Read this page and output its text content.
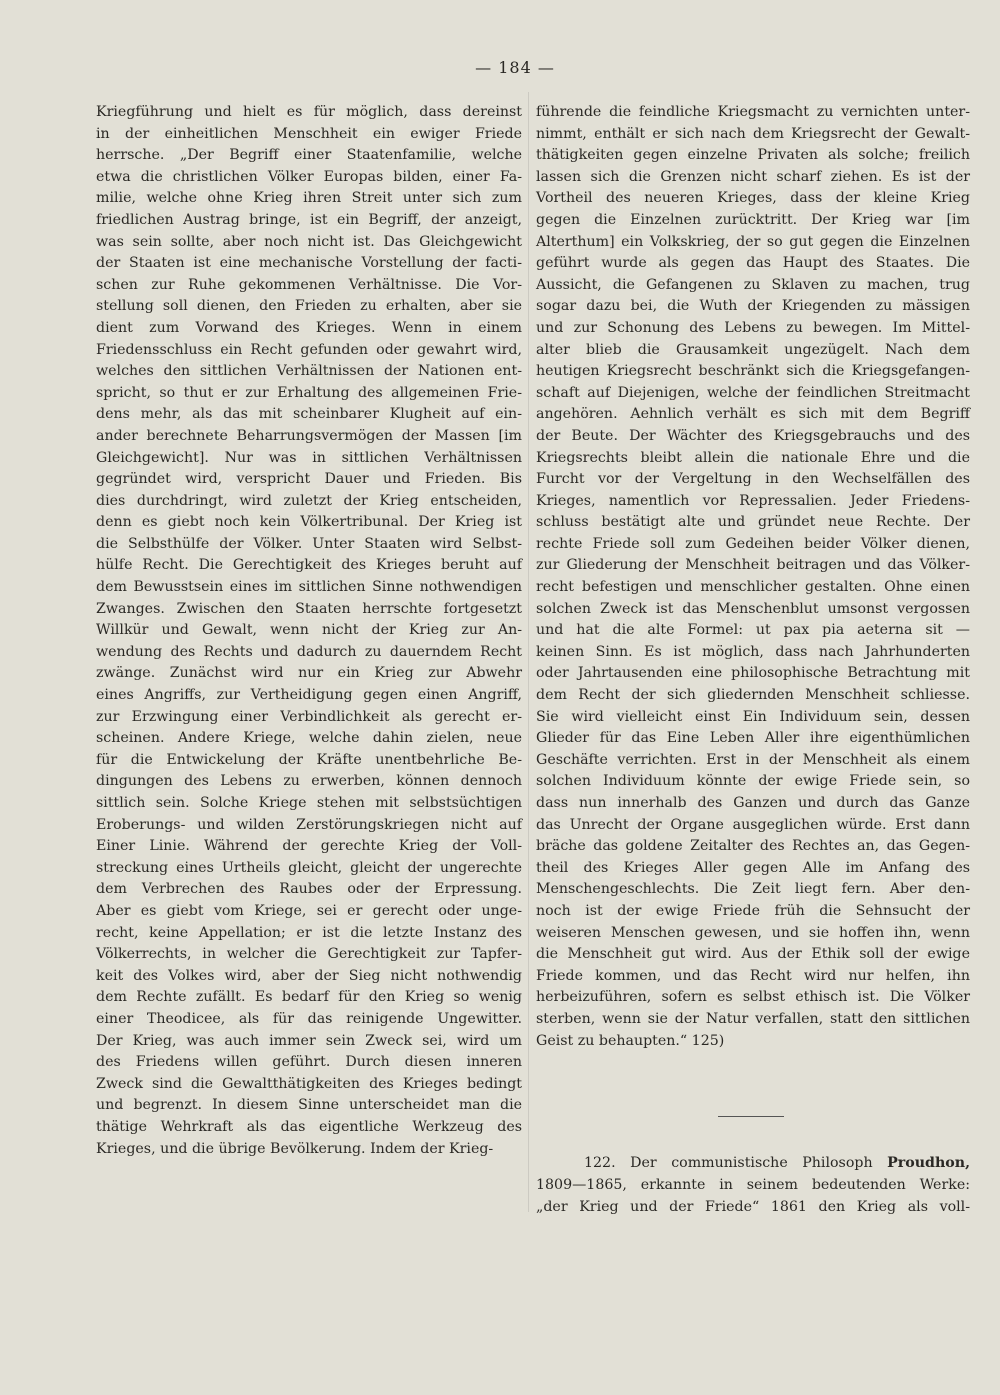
— 184 —
Kriegführung und hielt es für möglich, dass dereinst
in der einheitlichen Menschheit ein ewiger Friede
herrsche. „Der Begriff einer Staatenfamilie, welche
etwa die christlichen Völker Europas bilden, einer Fa-
milie, welche ohne Krieg ihren Streit unter sich zum
friedlichen Austrag bringe, ist ein Begriff, der anzeigt,
was sein sollte, aber noch nicht ist. Das Gleichgewicht
der Staaten ist eine mechanische Vorstellung der facti-
schen zur Ruhe gekommenen Verhältnisse. Die Vor-
stellung soll dienen, den Frieden zu erhalten, aber sie
dient zum Vorwand des Krieges. Wenn in einem
Friedensschluss ein Recht gefunden oder gewahrt wird,
welches den sittlichen Verhältnissen der Nationen ent-
spricht, so thut er zur Erhaltung des allgemeinen Frie-
dens mehr, als das mit scheinbarer Klugheit auf ein-
ander berechnete Beharrungsvermögen der Massen [im
Gleichgewicht]. Nur was in sittlichen Verhältnissen
gegründet wird, verspricht Dauer und Frieden. Bis
dies durchdringt, wird zuletzt der Krieg entscheiden,
denn es giebt noch kein Völkertribunal. Der Krieg ist
die Selbsthülfe der Völker. Unter Staaten wird Selbst-
hülfe Recht. Die Gerechtigkeit des Krieges beruht auf
dem Bewusstsein eines im sittlichen Sinne nothwendigen
Zwanges. Zwischen den Staaten herrschte fortgesetzt
Willkür und Gewalt, wenn nicht der Krieg zur An-
wendung des Rechts und dadurch zu dauerndem Recht
zwänge. Zunächst wird nur ein Krieg zur Abwehr
eines Angriffs, zur Vertheidigung gegen einen Angriff,
zur Erzwingung einer Verbindlichkeit als gerecht er-
scheinen. Andere Kriege, welche dahin zielen, neue
für die Entwickelung der Kräfte unentbehrliche Be-
dingungen des Lebens zu erwerben, können dennoch
sittlich sein. Solche Kriege stehen mit selbstsüchtigen
Eroberungs- und wilden Zerstörungskriegen nicht auf
Einer Linie. Während der gerechte Krieg der Voll-
streckung eines Urtheils gleicht, gleicht der ungerechte
dem Verbrechen des Raubes oder der Erpressung.
Aber es giebt vom Kriege, sei er gerecht oder unge-
recht, keine Appellation; er ist die letzte Instanz des
Völkerrechts, in welcher die Gerechtigkeit zur Tapfer-
keit des Volkes wird, aber der Sieg nicht nothwendig
dem Rechte zufällt. Es bedarf für den Krieg so wenig
einer Theodicee, als für das reinigende Ungewitter.
Der Krieg, was auch immer sein Zweck sei, wird um
des Friedens willen geführt. Durch diesen inneren
Zweck sind die Gewaltthätigkeiten des Krieges bedingt
und begrenzt. In diesem Sinne unterscheidet man die
thätige Wehrkraft als das eigentliche Werkzeug des
Krieges, und die übrige Bevölkerung. Indem der Krieg-
führende die feindliche Kriegsmacht zu vernichten unter-
nimmt, enthält er sich nach dem Kriegsrecht der Gewalt-
thätigkeiten gegen einzelne Privaten als solche; freilich
lassen sich die Grenzen nicht scharf ziehen. Es ist der
Vortheil des neueren Krieges, dass der kleine Krieg
gegen die Einzelnen zurücktritt. Der Krieg war [im
Alterthum] ein Volkskrieg, der so gut gegen die Einzelnen
geführt wurde als gegen das Haupt des Staates. Die
Aussicht, die Gefangenen zu Sklaven zu machen, trug
sogar dazu bei, die Wuth der Kriegenden zu mässigen
und zur Schonung des Lebens zu bewegen. Im Mittel-
alter blieb die Grausamkeit ungezügelt. Nach dem
heutigen Kriegsrecht beschränkt sich die Kriegsgefangen-
schaft auf Diejenigen, welche der feindlichen Streitmacht
angehören. Aehnlich verhält es sich mit dem Begriff
der Beute. Der Wächter des Kriegsgebrauchs und des
Kriegsrechts bleibt allein die nationale Ehre und die
Furcht vor der Vergeltung in den Wechselfällen des
Krieges, namentlich vor Repressalien. Jeder Friedens-
schluss bestätigt alte und gründet neue Rechte. Der
rechte Friede soll zum Gedeihen beider Völker dienen,
zur Gliederung der Menschheit beitragen und das Völker-
recht befestigen und menschlicher gestalten. Ohne einen
solchen Zweck ist das Menschenblut umsonst vergossen
und hat die alte Formel: ut pax pia aeterna sit —
keinen Sinn. Es ist möglich, dass nach Jahrhunderten
oder Jahrtausenden eine philosophische Betrachtung mit
dem Recht der sich gliedernden Menschheit schliesse.
Sie wird vielleicht einst Ein Individuum sein, dessen
Glieder für das Eine Leben Aller ihre eigenthümlichen
Geschäfte verrichten. Erst in der Menschheit als einem
solchen Individuum könnte der ewige Friede sein, so
dass nun innerhalb des Ganzen und durch das Ganze
das Unrecht der Organe ausgeglichen würde. Erst dann
bräche das goldene Zeitalter des Rechtes an, das Gegen-
theil des Krieges Aller gegen Alle im Anfang des
Menschengeschlechts. Die Zeit liegt fern. Aber den-
noch ist der ewige Friede früh die Sehnsucht der
weiseren Menschen gewesen, und sie hoffen ihn, wenn
die Menschheit gut wird. Aus der Ethik soll der ewige
Friede kommen, und das Recht wird nur helfen, ihn
herbeizuführen, sofern es selbst ethisch ist. Die Völker
sterben, wenn sie der Natur verfallen, statt den sittlichen
Geist zu behaupten.“ 125)
122. Der communistische Philosoph Proudhon,
1809—1865, erkannte in seinem bedeutenden Werke:
„der Krieg und der Friede“ 1861 den Krieg als voll-
